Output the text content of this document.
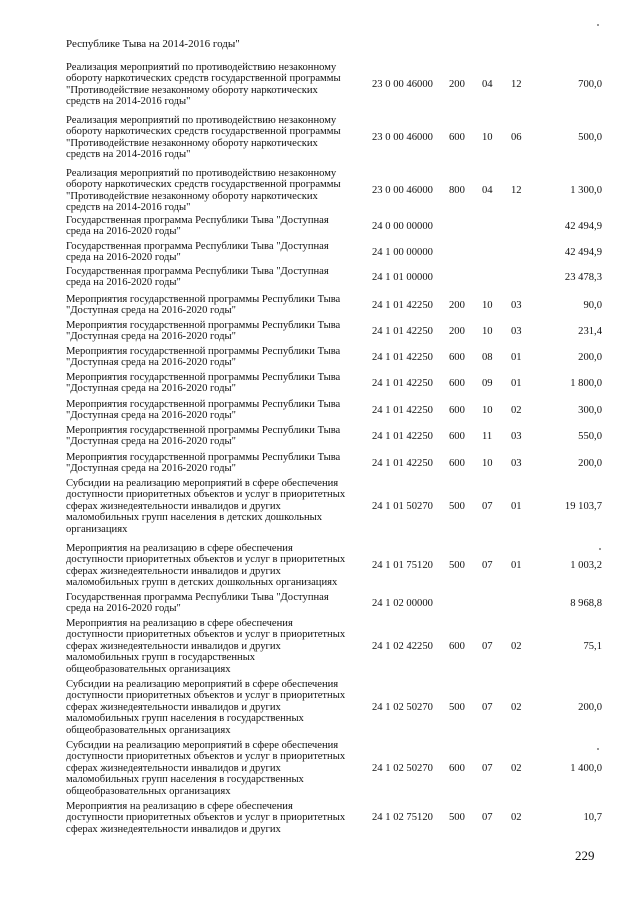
Республике Тыва на 2014-2016 годы"
Реализация мероприятий по противодействию незаконному
обороту наркотических средств государственной программы
"Противодействие незаконному обороту наркотических
средств на 2014-2016 годы"
23 0 00 46000 200 04 12	700,0
Реализация мероприятий по противодействию незаконному
обороту наркотических средств государственной программы
"Противодействие незаконному обороту наркотических
средств на 2014-2016 годы"
23 0 00 46000 600 10 06	500,0
Реализация мероприятий по противодействию незаконному
обороту наркотических средств государственной программы
"Противодействие незаконному обороту наркотических
средств на 2014-2016 годы"
23 0 00 46000 800 04 12	1 300,0
Государственная программа Республики Тыва "Доступная
среда на 2016-2020 годы"	24 0 00 00000	42 494,9
Государственная программа Республики Тыва "Доступная
среда на 2016-2020 годы"	24 1 00 00000	42 494,9
Государственная программа Республики Тыва "Доступная
среда на 2016-2020 годы"	24 1 01 00000	23 478,3
Мероприятия государственной программы Республики Тыва
"Доступная среда на 2016-2020 годы"	24 1 01 42250 200 10 03	90,0
Мероприятия государственной программы Республики Тыва
"Доступная среда на 2016-2020 годы"	24 1 01 42250 200 10 03	231,4
Мероприятия государственной программы Республики Тыва
"Доступная среда на 2016-2020 годы"	24 1 01 42250 600 08 01	200,0
Мероприятия государственной программы Республики Тыва
"Доступная среда на 2016-2020 годы"	24 1 01 42250 600 09 01	1 800,0
Мероприятия государственной программы Республики Тыва
"Доступная среда на 2016-2020 годы"	24 1 01 42250 600 10 02	300,0
Мероприятия государственной программы Республики Тыва
"Доступная среда на 2016-2020 годы"	24 1 01 42250 600 11 03	550,0
Мероприятия государственной программы Республики Тыва
"Доступная среда на 2016-2020 годы"	24 1 01 42250 600 10 03	200,0
Субсидии на реализацию мероприятий в сфере обеспечения
доступности приоритетных объектов и услуг в приоритетных
сферах жизнедеятельности инвалидов и других
маломобильных групп населения в детских дошкольных
организациях
24 1 01 50270 500 07 01	19 103,7
Мероприятия на реализацию в сфере обеспечения
доступности приоритетных объектов и услуг в приоритетных
сферах жизнедеятельности инвалидов и других
маломобильных групп в детских дошкольных организациях
24 1 01 75120 500 07 01	1 003,2
Государственная программа Республики Тыва "Доступная
среда на 2016-2020 годы"	24 1 02 00000	8 968,8
Мероприятия на реализацию в сфере обеспечения
доступности приоритетных объектов и услуг в приоритетных
сферах жизнедеятельности инвалидов и других
маломобильных групп в государственных
общеобразовательных организациях
24 1 02 42250 600 07 02	75,1
Субсидии на реализацию мероприятий в сфере обеспечения
доступности приоритетных объектов и услуг в приоритетных
сферах жизнедеятельности инвалидов и других
маломобильных групп населения в государственных
общеобразовательных организациях
24 1 02 50270 500 07 02	200,0
Субсидии на реализацию мероприятий в сфере обеспечения
доступности приоритетных объектов и услуг в приоритетных
сферах жизнедеятельности инвалидов и других
маломобильных групп населения в государственных
общеобразовательных организациях
24 1 02 50270 600 07 02	1 400,0
Мероприятия на реализацию в сфере обеспечения
доступности приоритетных объектов и услуг в приоритетных
сферах жизнедеятельности инвалидов и других
24 1 02 75120 500 07 02	10,7
229
